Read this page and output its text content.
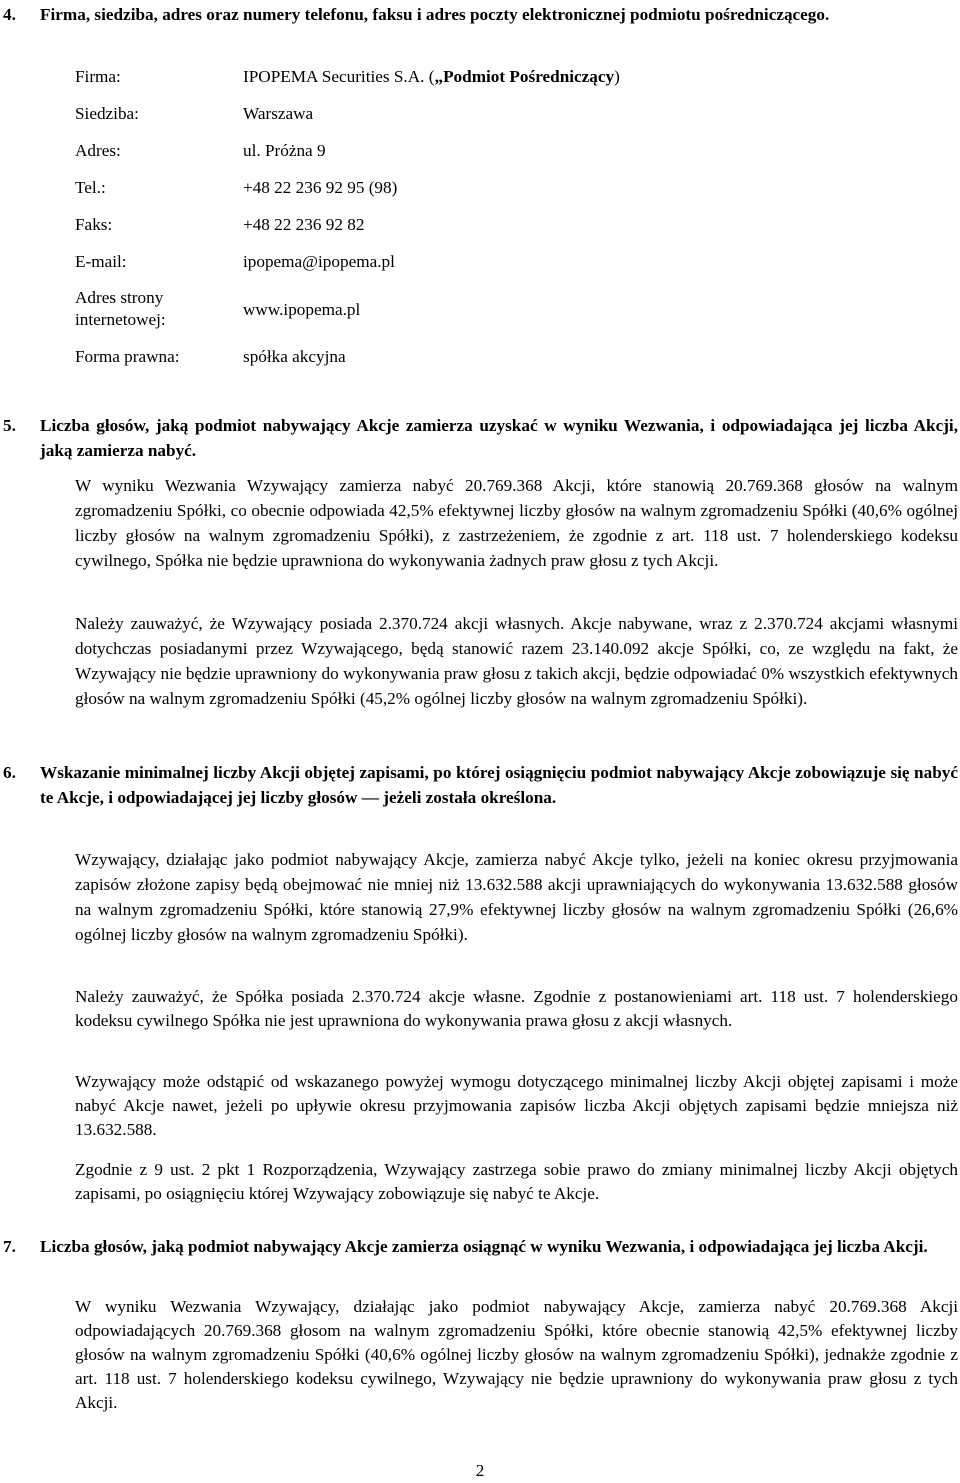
4.	Firma, siedziba, adres oraz numery telefonu, faksu i adres poczty elektronicznej podmiotu pośredniczącego.
Firma:	IPOPEMA Securities S.A. („Podmiot Pośredniczący)
Siedziba:	Warszawa
Adres:	ul. Próżna 9
Tel.:	+48 22 236 92 95 (98)
Faks:	+48 22 236 92 82
E-mail:	ipopema@ipopema.pl
Adres strony
internetowej:	www.ipopema.pl
Forma prawna:	spółka akcyjna
5.	Liczba głosów, jaką podmiot nabywający Akcje zamierza uzyskać w wyniku Wezwania, i odpowiadająca jej liczba Akcji, jaką zamierza nabyć.

W wyniku Wezwania Wzywający zamierza nabyć 20.769.368 Akcji, które stanowią 20.769.368 głosów na walnym zgromadzeniu Spółki, co obecnie odpowiada 42,5% efektywnej liczby głosów na walnym zgromadzeniu Spółki (40,6% ogólnej liczby głosów na walnym zgromadzeniu Spółki), z zastrzeżeniem, że zgodnie z art. 118 ust. 7 holenderskiego kodeksu cywilnego, Spółka nie będzie uprawniona do wykonywania żadnych praw głosu z tych Akcji.

Należy zauważyć, że Wzywający posiada 2.370.724 akcji własnych. Akcje nabywane, wraz z 2.370.724 akcjami własnymi dotychczas posiadanymi przez Wzywającego, będą stanowić razem 23.140.092 akcje Spółki, co, ze względu na fakt, że Wzywający nie będzie uprawniony do wykonywania praw głosu z takich akcji, będzie odpowiadać 0% wszystkich efektywnych głosów na walnym zgromadzeniu Spółki (45,2% ogólnej liczby głosów na walnym zgromadzeniu Spółki).

6.	Wskazanie minimalnej liczby Akcji objętej zapisami, po której osiągnięciu podmiot nabywający Akcje zobowiązuje się nabyć te Akcje, i odpowiadającej jej liczby głosów — jeżeli została określona.

Wzywający, działając jako podmiot nabywający Akcje, zamierza nabyć Akcje tylko, jeżeli na koniec okresu przyjmowania zapisów złożone zapisy będą obejmować nie mniej niż 13.632.588 akcji uprawniających do wykonywania 13.632.588 głosów na walnym zgromadzeniu Spółki, które stanowią 27,9% efektywnej liczby głosów na walnym zgromadzeniu Spółki (26,6% ogólnej liczby głosów na walnym zgromadzeniu Spółki).

Należy zauważyć, że Spółka posiada 2.370.724 akcje własne. Zgodnie z postanowieniami art. 118 ust. 7 holenderskiego kodeksu cywilnego Spółka nie jest uprawniona do wykonywania prawa głosu z akcji własnych.

Wzywający może odstąpić od wskazanego powyżej wymogu dotyczącego minimalnej liczby Akcji objętej zapisami i może nabyć Akcje nawet, jeżeli po upływie okresu przyjmowania zapisów liczba Akcji objętych zapisami będzie mniejsza niż 13.632.588.

Zgodnie z 9 ust. 2 pkt 1 Rozporządzenia, Wzywający zastrzega sobie prawo do zmiany minimalnej liczby Akcji objętych zapisami, po osiągnięciu której Wzywający zobowiązuje się nabyć te Akcje.

7.	Liczba głosów, jaką podmiot nabywający Akcje zamierza osiągnąć w wyniku Wezwania, i odpowiadająca jej liczba Akcji.

W wyniku Wezwania Wzywający, działając jako podmiot nabywający Akcje, zamierza nabyć 20.769.368 Akcji odpowiadających 20.769.368 głosom na walnym zgromadzeniu Spółki, które obecnie stanowią 42,5% efektywnej liczby głosów na walnym zgromadzeniu Spółki (40,6% ogólnej liczby głosów na walnym zgromadzeniu Spółki), jednakże zgodnie z art. 118 ust. 7 holenderskiego kodeksu cywilnego, Wzywający nie będzie uprawniony do wykonywania praw głosu z tych Akcji.

2
